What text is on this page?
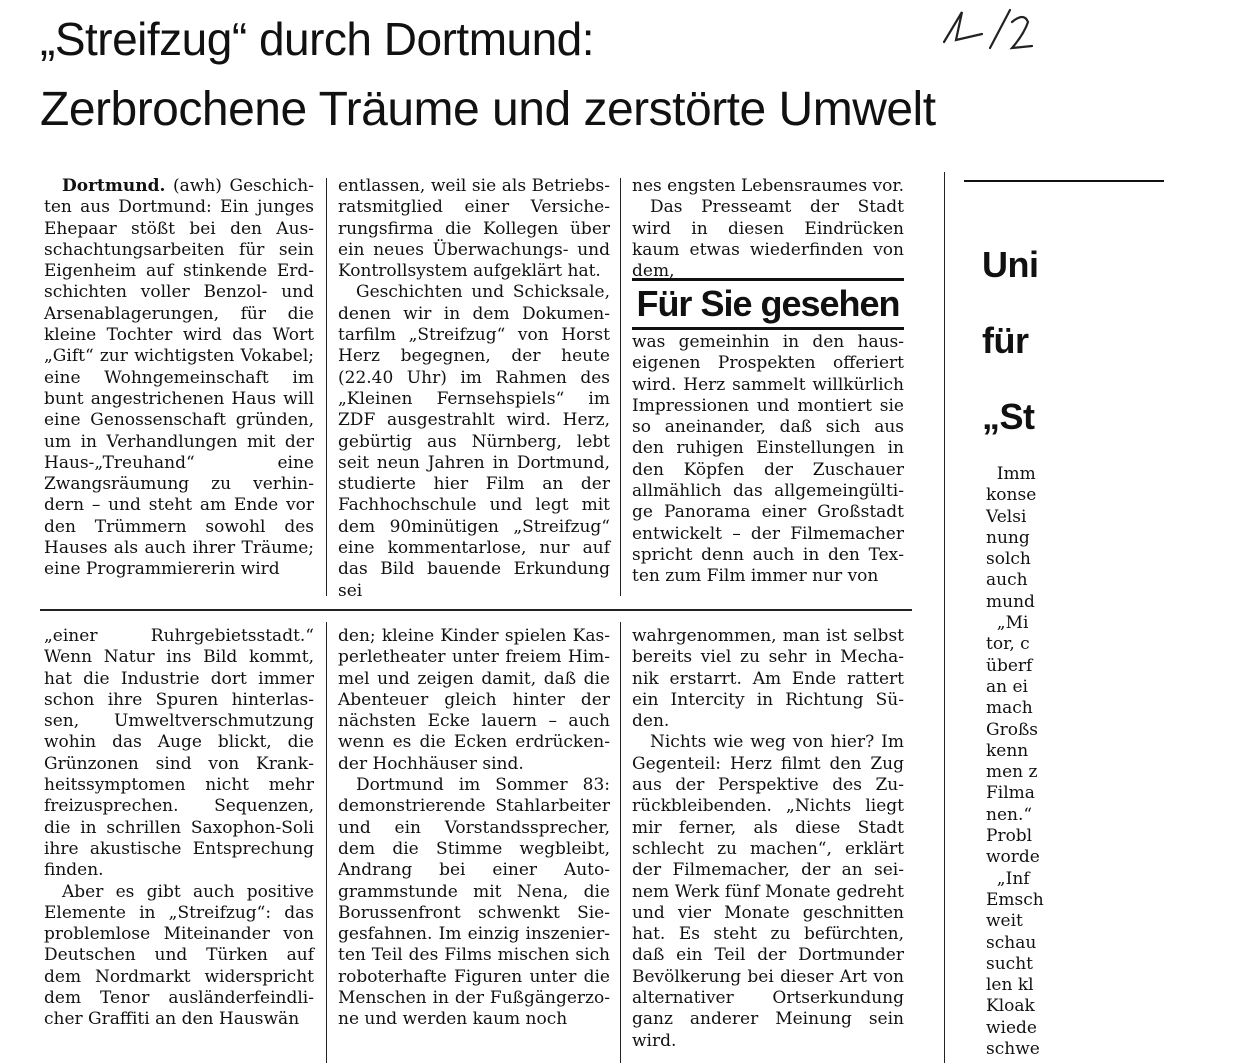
„Streifzug“ durch Dortmund:
Zerbrochene Träume und zerstörte Umwelt

Dortmund. (awh) Geschichten aus Dortmund: Ein junges Ehepaar stößt bei den Ausschachtungsarbeiten für sein Eigenheim auf stinkende Erdschichten voller Benzol- und Arsenablagerungen, für die kleine Tochter wird das Wort „Gift“ zur wichtigsten Vokabel; eine Wohngemeinschaft im bunt angestrichenen Haus will eine Genossenschaft gründen, um in Verhandlungen mit der Haus-„Treuhand“ eine Zwangsräumung zu verhindern – und steht am Ende vor den Trümmern sowohl des Hauses als auch ihrer Träume; eine Programmiererin wird

entlassen, weil sie als Betriebsratsmitglied einer Versicherungsfirma die Kollegen über ein neues Überwachungs- und Kontrollsystem aufgeklärt hat.

Geschichten und Schicksale, denen wir in dem Dokumentarfilm „Streifzug“ von Horst Herz begegnen, der heute (22.40 Uhr) im Rahmen des „Kleinen Fernsehspiels“ im ZDF ausgestrahlt wird. Herz, gebürtig aus Nürnberg, lebt seit neun Jahren in Dortmund, studierte hier Film an der Fachhochschule und legt mit dem 90minütigen „Streifzug“ eine kommentarlose, nur auf das Bild bauende Erkundung sei

nes engsten Lebensraumes vor.

Das Presseamt der Stadt wird in diesen Eindrücken kaum etwas wiederfinden von dem,

Für Sie gesehen

was gemeinhin in den hauseigenen Prospekten offeriert wird. Herz sammelt willkürlich Impressionen und montiert sie so aneinander, daß sich aus den ruhigen Einstellungen in den Köpfen der Zuschauer allmählich das allgemeingültige Panorama einer Großstadt entwickelt – der Filmemacher spricht denn auch in den Texten zum Film immer nur von

„einer Ruhrgebietsstadt.“ Wenn Natur ins Bild kommt, hat die Industrie dort immer schon ihre Spuren hinterlassen, Umweltverschmutzung wohin das Auge blickt, die Grünzonen sind von Krankheitssymptomen nicht mehr freizusprechen. Sequenzen, die in schrillen Saxophon-Soli ihre akustische Entsprechung finden.

Aber es gibt auch positive Elemente in „Streifzug“: das problemlose Miteinander von Deutschen und Türken auf dem Nordmarkt widerspricht dem Tenor ausländerfeindlicher Graffiti an den Hauswän

den; kleine Kinder spielen Kasperletheater unter freiem Himmel und zeigen damit, daß die Abenteuer gleich hinter der nächsten Ecke lauern – auch wenn es die Ecken erdrückender Hochhäuser sind.

Dortmund im Sommer 83: demonstrierende Stahlarbeiter und ein Vorstandssprecher, dem die Stimme wegbleibt, Andrang bei einer Autogrammstunde mit Nena, die Borussenfront schwenkt Siegesfahnen. Im einzig inszenierten Teil des Films mischen sich roboterhafte Figuren unter die Menschen in der Fußgängerzone und werden kaum noch

wahrgenommen, man ist selbst bereits viel zu sehr in Mechanik erstarrt. Am Ende rattert ein Intercity in Richtung Süden.

Nichts wie weg von hier? Im Gegenteil: Herz filmt den Zug aus der Perspektive des Zurückbleibenden. „Nichts liegt mir ferner, als diese Stadt schlecht zu machen“, erklärt der Filmemacher, der an seinem Werk fünf Monate gedreht und vier Monate geschnitten hat. Es steht zu befürchten, daß ein Teil der Dortmunder Bevölkerung bei dieser Art von alternativer Ortserkundung ganz anderer Meinung sein wird.

Uni
für
„St

Imm
konse
Velsi
nung
solch
auch
mund
„Mi
tor, c
überf
an ei
mach
Großs
kenn
men z
Filma
nen.“
Probl
worde
„Inf
Emsch
weit
schau
sucht
len kl
Kloak
wiede
schwe
